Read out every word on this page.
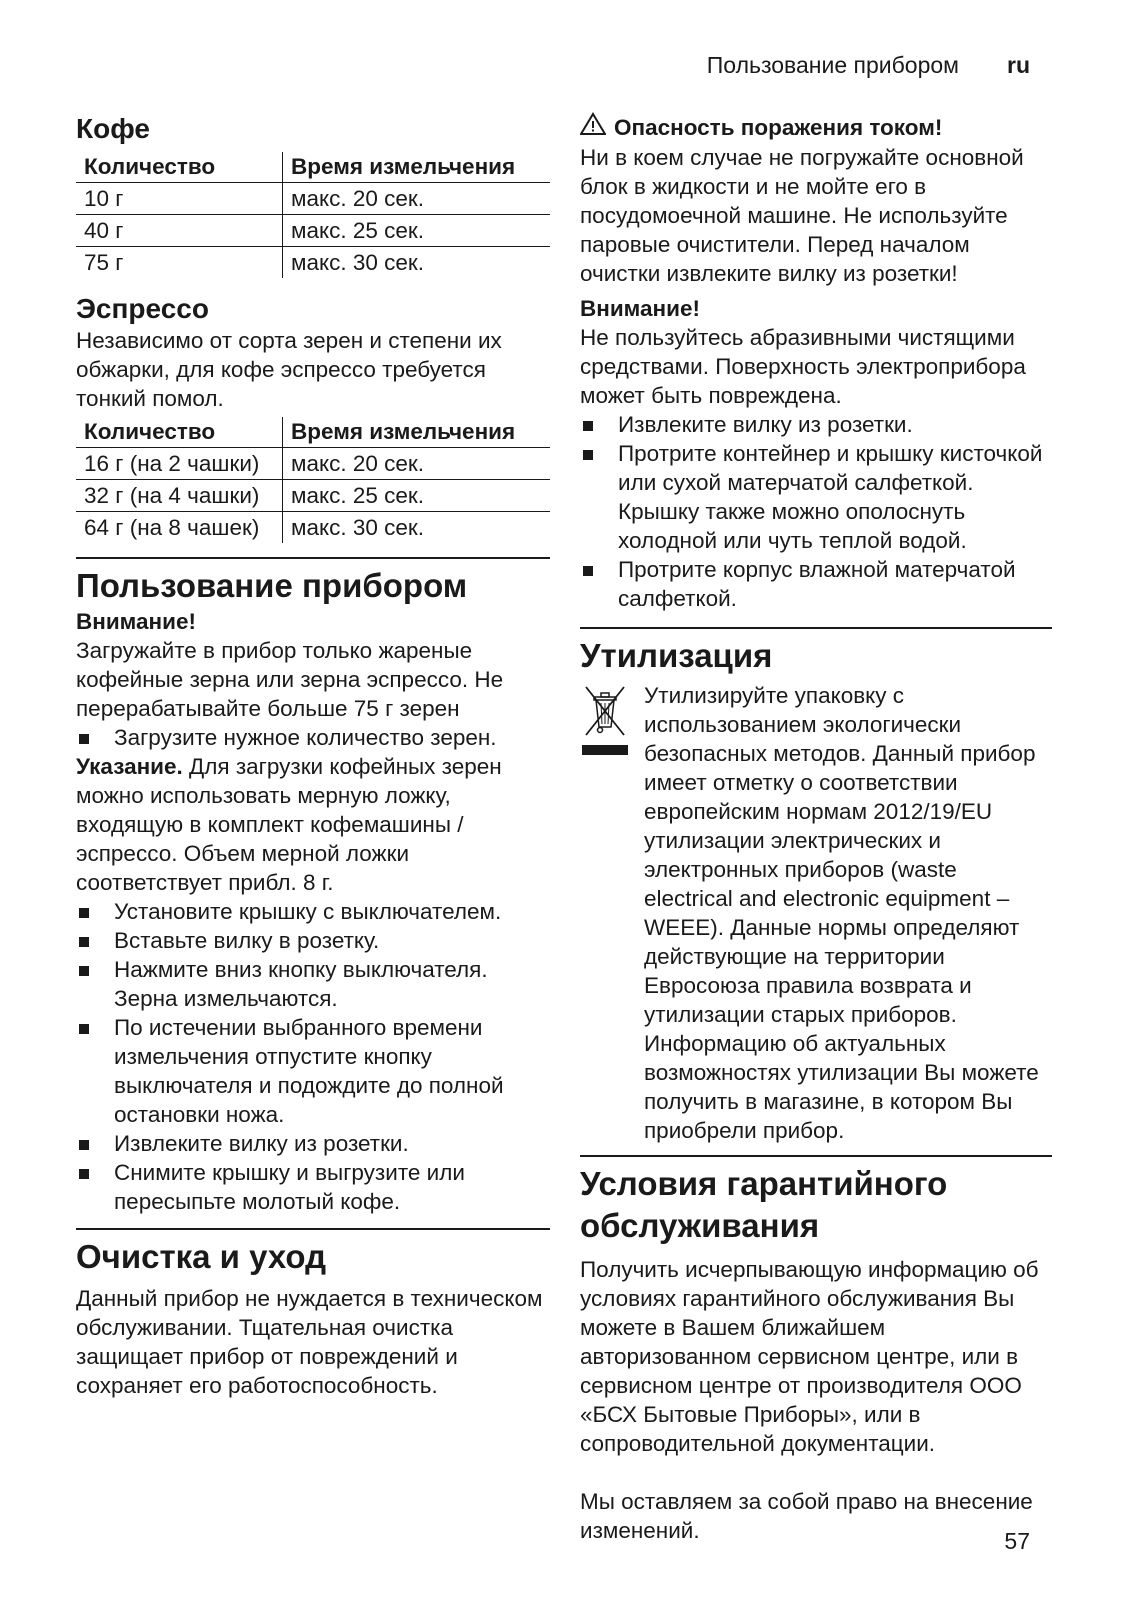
Пользование прибором ru
Кофе
Количество	Время измельчения
10 г	макс. 20 сек.
40 г	макс. 25 сек.
75 г	макс. 30 сек.
Эспрессо

Независимо от сорта зерен и степени их обжарки, для кофе эспрессо требуется тонкий помол.

Количество	Время измельчения
16 г (на 2 чашки)	макс. 20 сек.
32 г (на 4 чашки)	макс. 25 сек.
64 г (на 8 чашек)	макс. 30 сек.
Пользование прибором

Внимание!

Загружайте в прибор только жареные кофейные зерна или зерна эспрессо. Не перерабатывайте больше 75 г зерен

Загрузите нужное количество зерен.

Указание. Для загрузки кофейных зерен можно использовать мерную ложку, входящую в комплект кофемашины / эспрессо. Объем мерной ложки соответствует прибл. 8 г.

Установите крышку с выключателем.
Вставьте вилку в розетку.
Нажмите вниз кнопку выключателя. Зерна измельчаются.
По истечении выбранного времени измельчения отпустите кнопку выключателя и подождите до полной остановки ножа.
Извлеките вилку из розетки.
Снимите крышку и выгрузите или пересыпьте молотый кофе.
Очистка и уход

Данный прибор не нуждается в техническом обслуживании. Тщательная очистка защищает прибор от повреждений и сохраняет его работоспособность.

Опасность поражения током!

Ни в коем случае не погружайте основной блок в жидкости и не мойте его в посудомоечной машине. Не используйте паровые очистители. Перед началом очистки извлеките вилку из розетки!

Внимание!

Не пользуйтесь абразивными чистящими средствами. Поверхность электроприбора может быть повреждена.

Извлеките вилку из розетки.
Протрите контейнер и крышку кисточкой или сухой матерчатой салфеткой. Крышку также можно ополоснуть холодной или чуть теплой водой.
Протрите корпус влажной матерчатой салфеткой.
Утилизация

Утилизируйте упаковку с использованием экологически безопасных методов. Данный прибор имеет отметку о соответствии европейским нормам 2012/19/EU утилизации электрических и электронных приборов (waste electrical and electronic equipment – WEEE). Данные нормы определяют действующие на территории Евросоюза правила возврата и утилизации старых приборов. Информацию об актуальных возможностях утилизации Вы можете получить в магазине, в котором Вы приобрели прибор.

Условия гарантийного обслуживания

Получить исчерпывающую информацию об условиях гарантийного обслуживания Вы можете в Вашем ближайшем авторизованном сервисном центре, или в сервисном центре от производителя ООО «БСХ Бытовые Приборы», или в сопроводительной документации.

Мы оставляем за собой право на внесение изменений.	57
